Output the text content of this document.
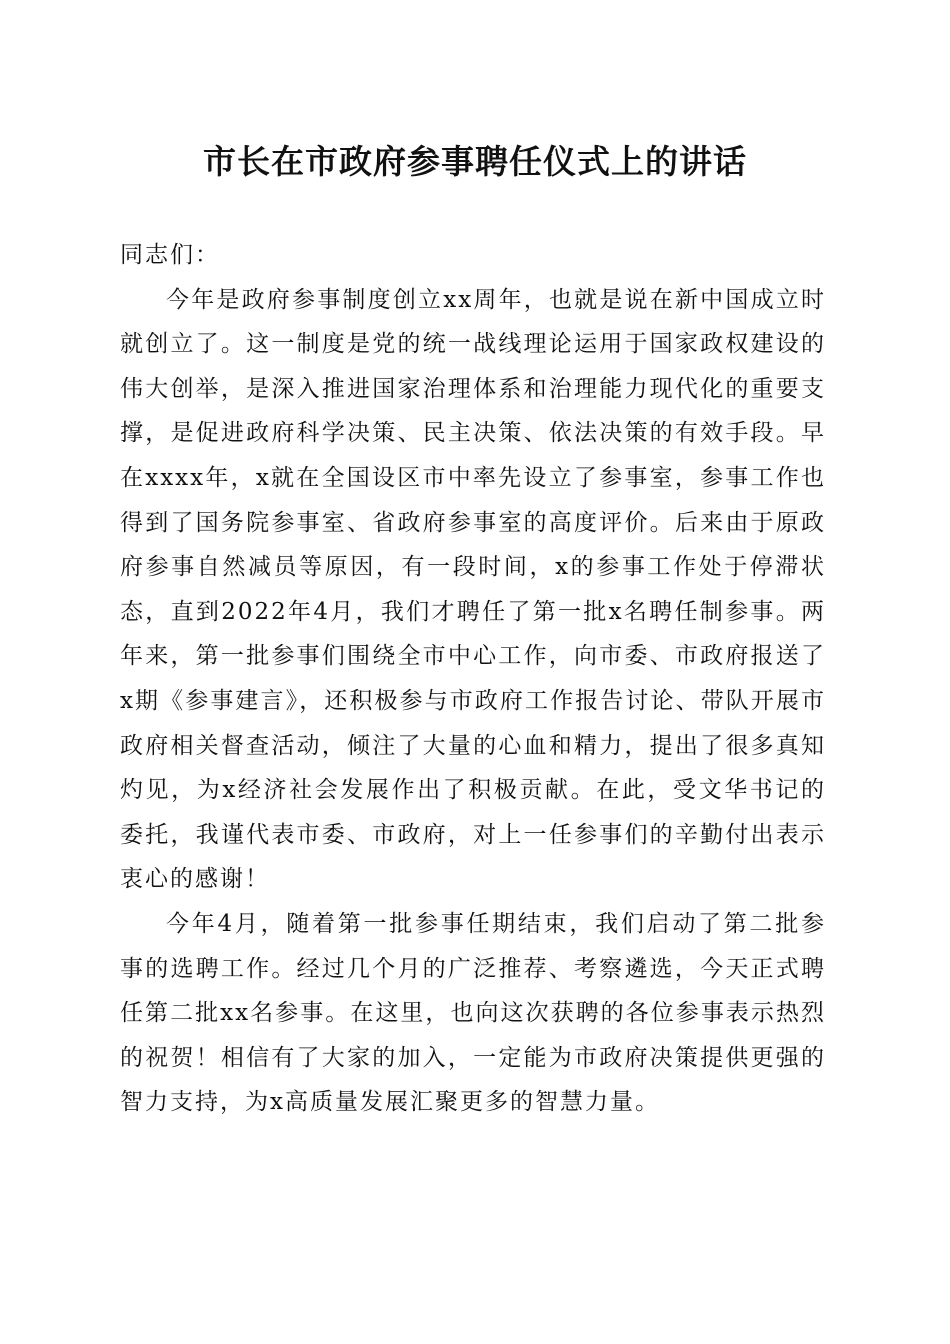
市长在市政府参事聘任仪式上的讲话

同志们：

今年是政府参事制度创立xx周年，也就是说在新中国成立时就创立了。这一制度是党的统一战线理论运用于国家政权建设的伟大创举，是深入推进国家治理体系和治理能力现代化的重要支撑，是促进政府科学决策、民主决策、依法决策的有效手段。早在xxxx年，x就在全国设区市中率先设立了参事室，参事工作也得到了国务院参事室、省政府参事室的高度评价。后来由于原政府参事自然减员等原因，有一段时间，x的参事工作处于停滞状态，直到2022年4月，我们才聘任了第一批x名聘任制参事。两年来，第一批参事们围绕全市中心工作，向市委、市政府报送了x期《参事建言》，还积极参与市政府工作报告讨论、带队开展市政府相关督查活动，倾注了大量的心血和精力，提出了很多真知灼见，为x经济社会发展作出了积极贡献。在此，受文华书记的委托，我谨代表市委、市政府，对上一任参事们的辛勤付出表示衷心的感谢！

今年4月，随着第一批参事任期结束，我们启动了第二批参事的选聘工作。经过几个月的广泛推荐、考察遴选，今天正式聘任第二批xx名参事。在这里，也向这次获聘的各位参事表示热烈的祝贺！相信有了大家的加入，一定能为市政府决策提供更强的智力支持，为x高质量发展汇聚更多的智慧力量。
